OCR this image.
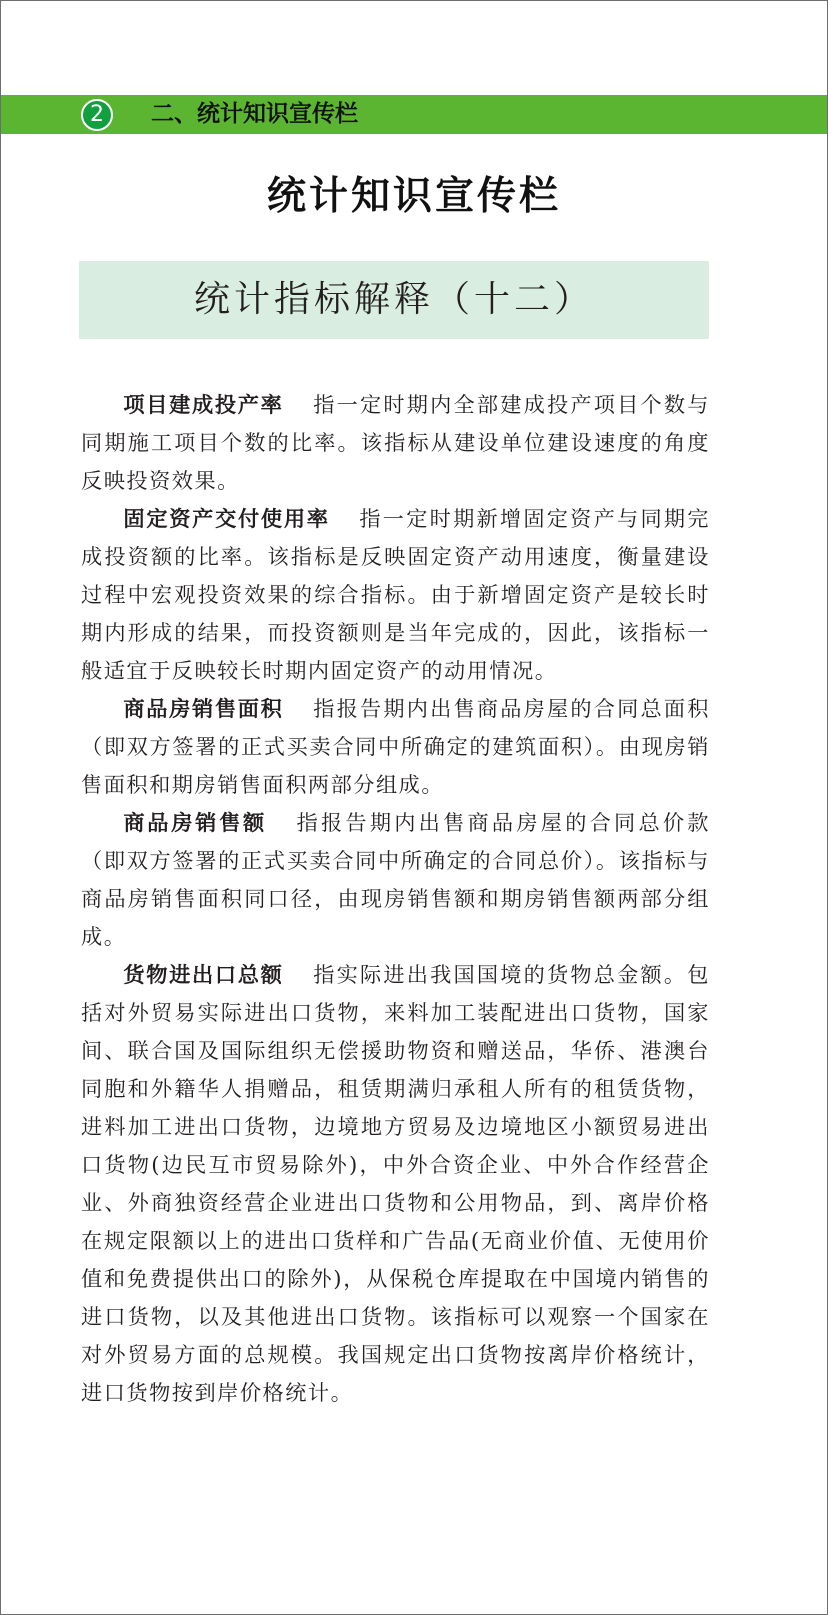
2	二、统计知识宣传栏
统计知识宣传栏
统计指标解释（十二）

项目建成投产率 指一定时期内全部建成投产项目个数与同期施工项目个数的比率。该指标从建设单位建设速度的角度反映投资效果。

固定资产交付使用率 指一定时期新增固定资产与同期完成投资额的比率。该指标是反映固定资产动用速度，衡量建设过程中宏观投资效果的综合指标。由于新增固定资产是较长时期内形成的结果，而投资额则是当年完成的，因此，该指标一般适宜于反映较长时期内固定资产的动用情况。

商品房销售面积 指报告期内出售商品房屋的合同总面积（即双方签署的正式买卖合同中所确定的建筑面积）。由现房销售面积和期房销售面积两部分组成。

商品房销售额 指报告期内出售商品房屋的合同总价款（即双方签署的正式买卖合同中所确定的合同总价）。该指标与商品房销售面积同口径，由现房销售额和期房销售额两部分组成。

货物进出口总额 指实际进出我国国境的货物总金额。包括对外贸易实际进出口货物，来料加工装配进出口货物，国家间、联合国及国际组织无偿援助物资和赠送品，华侨、港澳台同胞和外籍华人捐赠品，租赁期满归承租人所有的租赁货物，进料加工进出口货物，边境地方贸易及边境地区小额贸易进出口货物(边民互市贸易除外)，中外合资企业、中外合作经营企业、外商独资经营企业进出口货物和公用物品，到、离岸价格在规定限额以上的进出口货样和广告品(无商业价值、无使用价值和免费提供出口的除外)，从保税仓库提取在中国境内销售的进口货物，以及其他进出口货物。该指标可以观察一个国家在对外贸易方面的总规模。我国规定出口货物按离岸价格统计，进口货物按到岸价格统计。
